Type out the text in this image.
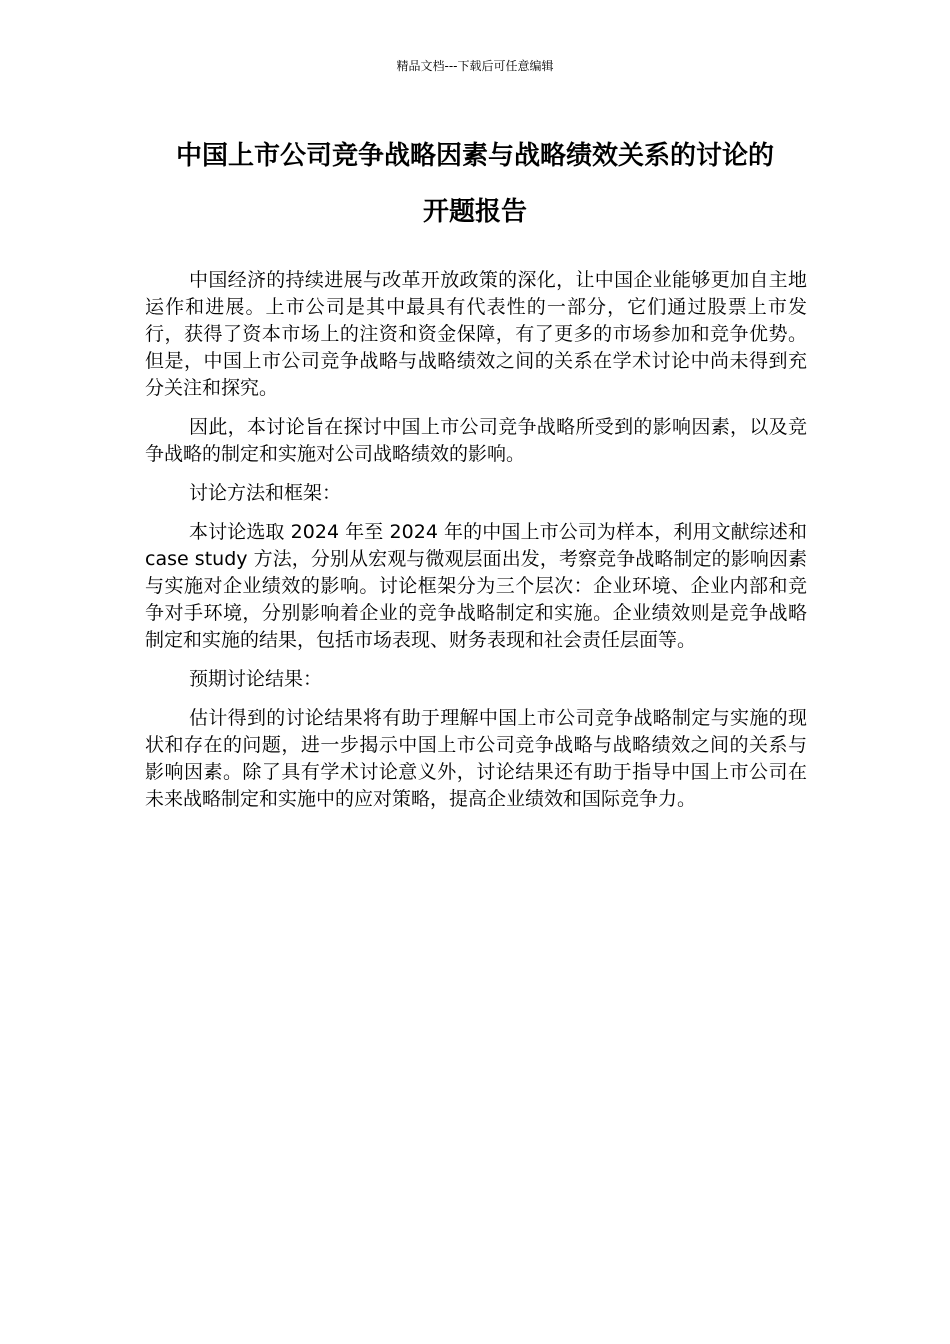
精品文档---下载后可任意编辑
中国上市公司竞争战略因素与战略绩效关系的讨论的
开题报告

中国经济的持续进展与改革开放政策的深化，让中国企业能够更加自主地运作和进展。上市公司是其中最具有代表性的一部分，它们通过股票上市发行，获得了资本市场上的注资和资金保障，有了更多的市场参加和竞争优势。但是，中国上市公司竞争战略与战略绩效之间的关系在学术讨论中尚未得到充分关注和探究。

因此，本讨论旨在探讨中国上市公司竞争战略所受到的影响因素，以及竞争战略的制定和实施对公司战略绩效的影响。

讨论方法和框架：

本讨论选取 2024 年至 2024 年的中国上市公司为样本，利用文献综述和 case study 方法，分别从宏观与微观层面出发，考察竞争战略制定的影响因素与实施对企业绩效的影响。讨论框架分为三个层次：企业环境、企业内部和竞争对手环境，分别影响着企业的竞争战略制定和实施。企业绩效则是竞争战略制定和实施的结果，包括市场表现、财务表现和社会责任层面等。

预期讨论结果：

估计得到的讨论结果将有助于理解中国上市公司竞争战略制定与实施的现状和存在的问题，进一步揭示中国上市公司竞争战略与战略绩效之间的关系与影响因素。除了具有学术讨论意义外，讨论结果还有助于指导中国上市公司在未来战略制定和实施中的应对策略，提高企业绩效和国际竞争力。
